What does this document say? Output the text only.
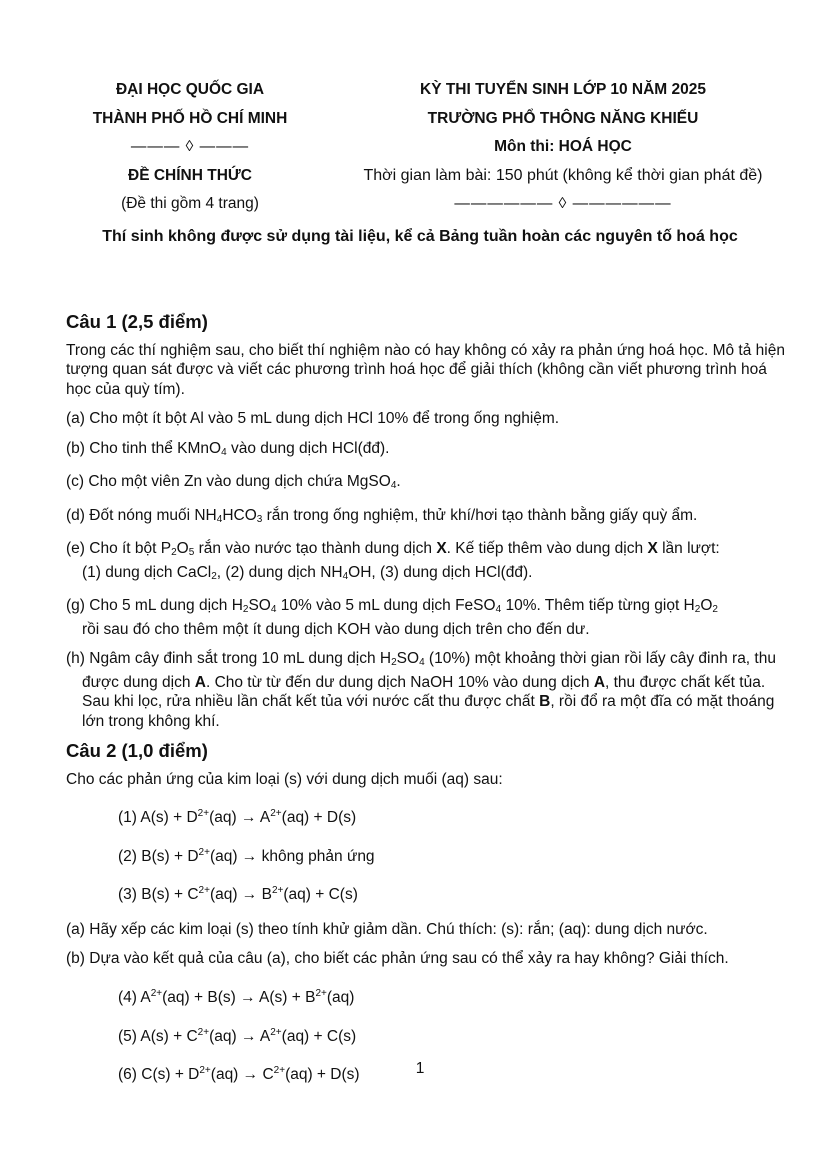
ĐẠI HỌC QUỐC GIA
THÀNH PHỐ HỒ CHÍ MINH
——— ◊ ———
ĐỀ CHÍNH THỨC
(Đề thi gồm 4 trang)
KỲ THI TUYỂN SINH LỚP 10 NĂM 2025
TRƯỜNG PHỔ THÔNG NĂNG KHIẾU
Môn thi: HOÁ HỌC
Thời gian làm bài: 150 phút (không kể thời gian phát đề)
—————— ◊ ——————
Thí sinh không được sử dụng tài liệu, kể cả Bảng tuần hoàn các nguyên tố hoá học
Câu 1 (2,5 điểm)
Trong các thí nghiệm sau, cho biết thí nghiệm nào có hay không có xảy ra phản ứng hoá học. Mô tả hiện tượng quan sát được và viết các phương trình hoá học để giải thích (không cần viết phương trình hoá học của quỳ tím).
(a) Cho một ít bột Al vào 5 mL dung dịch HCl 10% để trong ống nghiệm.
(b) Cho tinh thể KMnO$_4$ vào dung dịch HCl(đđ).
(c) Cho một viên Zn vào dung dịch chứa MgSO$_4$.
(d) Đốt nóng muối $NH_4HCO_3$ rắn trong ống nghiệm, thử khí/hơi tạo thành bằng giấy quỳ ẩm.
(e) Cho ít bột $P_2O_5$ rắn vào nước tạo thành dung dịch X. Kế tiếp thêm vào dung dịch X lần lượt:
(1) dung dịch CaCl$_2$, (2) dung dịch $NH_4OH$, (3) dung dịch HCl(đđ).
(g) Cho 5 mL dung dịch $H_2SO_4$ 10% vào 5 mL dung dịch FeSO$_4$ 10%. Thêm tiếp từng giọt $H_2O_2$
rồi sau đó cho thêm một ít dung dịch KOH vào dung dịch trên cho đến dư.
(h) Ngâm cây đinh sắt trong 10 mL dung dịch $H_2SO_4$ (10%) một khoảng thời gian rồi lấy cây đinh ra, thu được dung dịch A. Cho từ từ đến dư dung dịch NaOH 10% vào dung dịch A, thu được chất kết tủa. Sau khi lọc, rửa nhiều lần chất kết tủa với nước cất thu được chất B, rồi đổ ra một đĩa có mặt thoáng lớn trong không khí.
Câu 2 (1,0 điểm)
Cho các phản ứng của kim loại (s) với dung dịch muối (aq) sau:
(1) $A(s) + D^{2+}(aq) \to A^{2+}(aq) + D(s)$
(2) $B(s) + D^{2+}(aq)$ → không phản ứng
(3) $B(s) + C^{2+}(aq) \to B^{2+}(aq) + C(s)$
(a) Hãy xếp các kim loại (s) theo tính khử giảm dần. Chú thích: (s): rắn; (aq): dung dịch nước.
(b) Dựa vào kết quả của câu (a), cho biết các phản ứng sau có thể xảy ra hay không? Giải thích.
(4) $A^{2+}(aq) + B(s) \to A(s) + B^{2+}(aq)$
(5) $A(s) + C^{2+}(aq) \to A^{2+}(aq) + C(s)$
(6) $C(s) + D^{2+}(aq) \to C^{2+}(aq) + D(s)$	1
